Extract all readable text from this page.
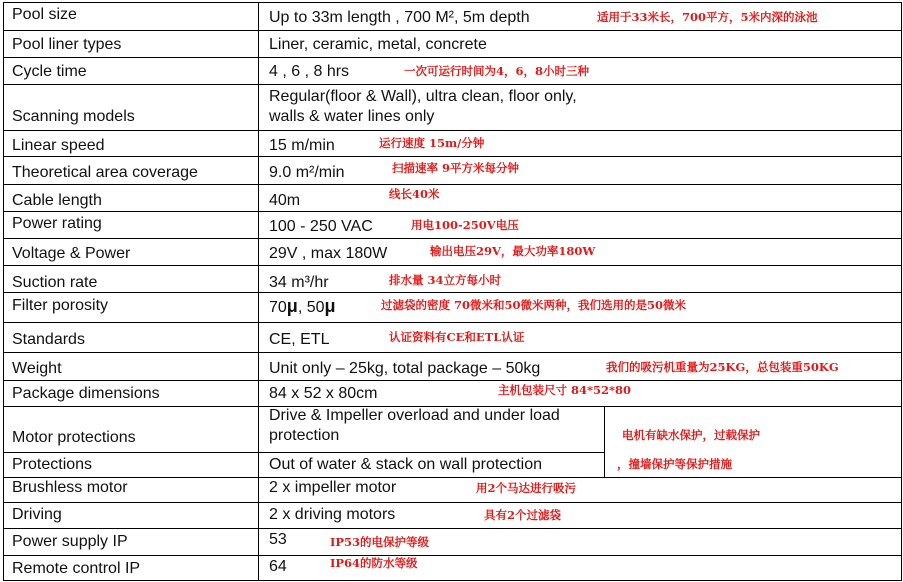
Pool size
Pool liner types
Cycle time
Scanning models
Linear speed
Theoretical area coverage
Cable length
Power rating
Voltage & Power
Suction rate
Filter porosity
Standards
Weight
Package dimensions
Motor protections
Protections
Brushless motor
Driving
Power supply IP
Remote control IP
Up to 33m length , 700 M², 5m depth
Liner, ceramic, metal, concrete
4 , 6 , 8 hrs
Regular(floor & Wall), ultra clean, floor only, walls & water lines only
15 m/min
9.0 m²/min
40m
100 - 250 VAC
29V , max 180W
34 m³/hr
70μ, 50μ
CE, ETL
Unit only – 25kg, total package – 50kg
84 x 52 x 80cm
Drive & Impeller overload and under load protection
Out of water & stack on wall protection
2 x impeller motor
2 x driving motors
53
64
适用于33米长，700平方，5米内深的泳池
一次可运行时间为4，6，8小时三种
运行速度 15m/分钟
扫描速率 9平方米每分钟
线长40米
用电100-250V电压
输出电压29V，最大功率180W
排水量 34立方每小时
过滤袋的密度 70微米和50微米两种，我们选用的是50微米
认证资料有CE和ETL认证
我们的吸污机重量为25KG，总包装重50KG
主机包装尺寸 84*52*80
电机有缺水保护，过载保护
，撞墙保护等保护措施
用2个马达进行吸污
具有2个过滤袋
IP53的电保护等级
IP64的防水等级
